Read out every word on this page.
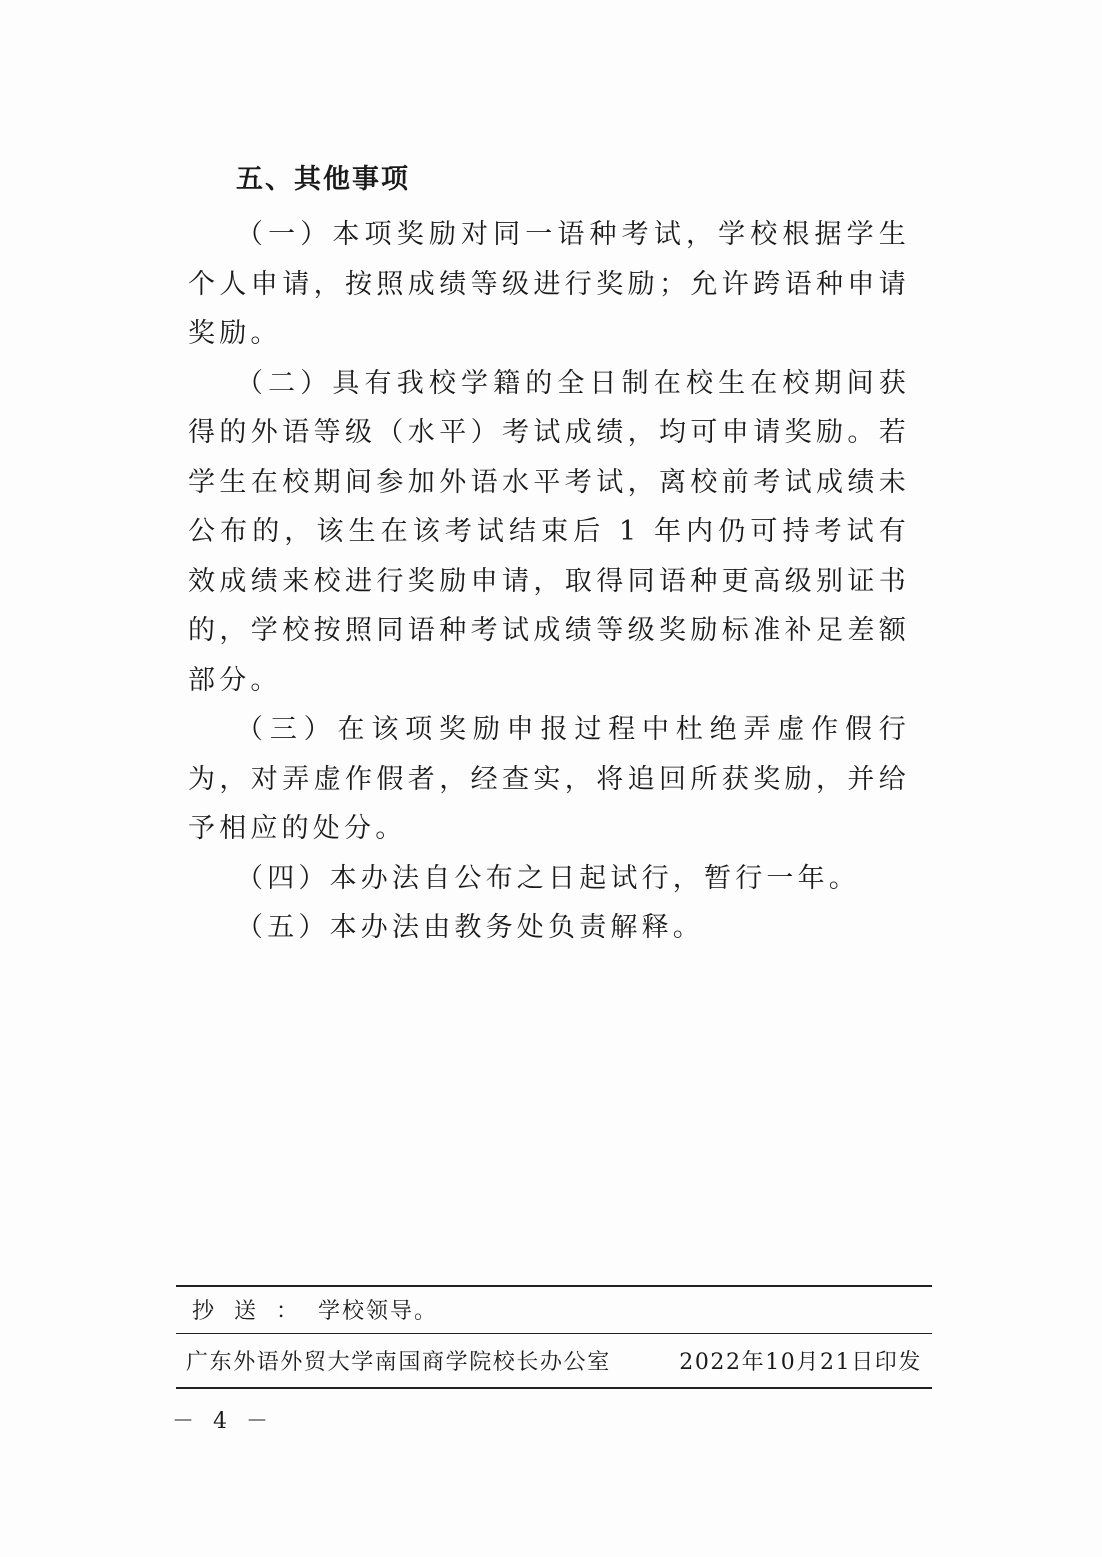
五、其他事项

（一）本项奖励对同一语种考试，学校根据学生个人申请，按照成绩等级进行奖励；允许跨语种申请奖励。

（二）具有我校学籍的全日制在校生在校期间获得的外语等级（水平）考试成绩，均可申请奖励。若学生在校期间参加外语水平考试，离校前考试成绩未公布的，该生在该考试结束后 1 年内仍可持考试有效成绩来校进行奖励申请，取得同语种更高级别证书的，学校按照同语种考试成绩等级奖励标准补足差额部分。

（三）在该项奖励申报过程中杜绝弄虚作假行为，对弄虚作假者，经查实，将追回所获奖励，并给予相应的处分。

（四）本办法自公布之日起试行，暂行一年。

（五）本办法由教务处负责解释。

抄送：学校领导。
广东外语外贸大学南国商学院校长办公室	2022年10月21日印发
－ 4 －
